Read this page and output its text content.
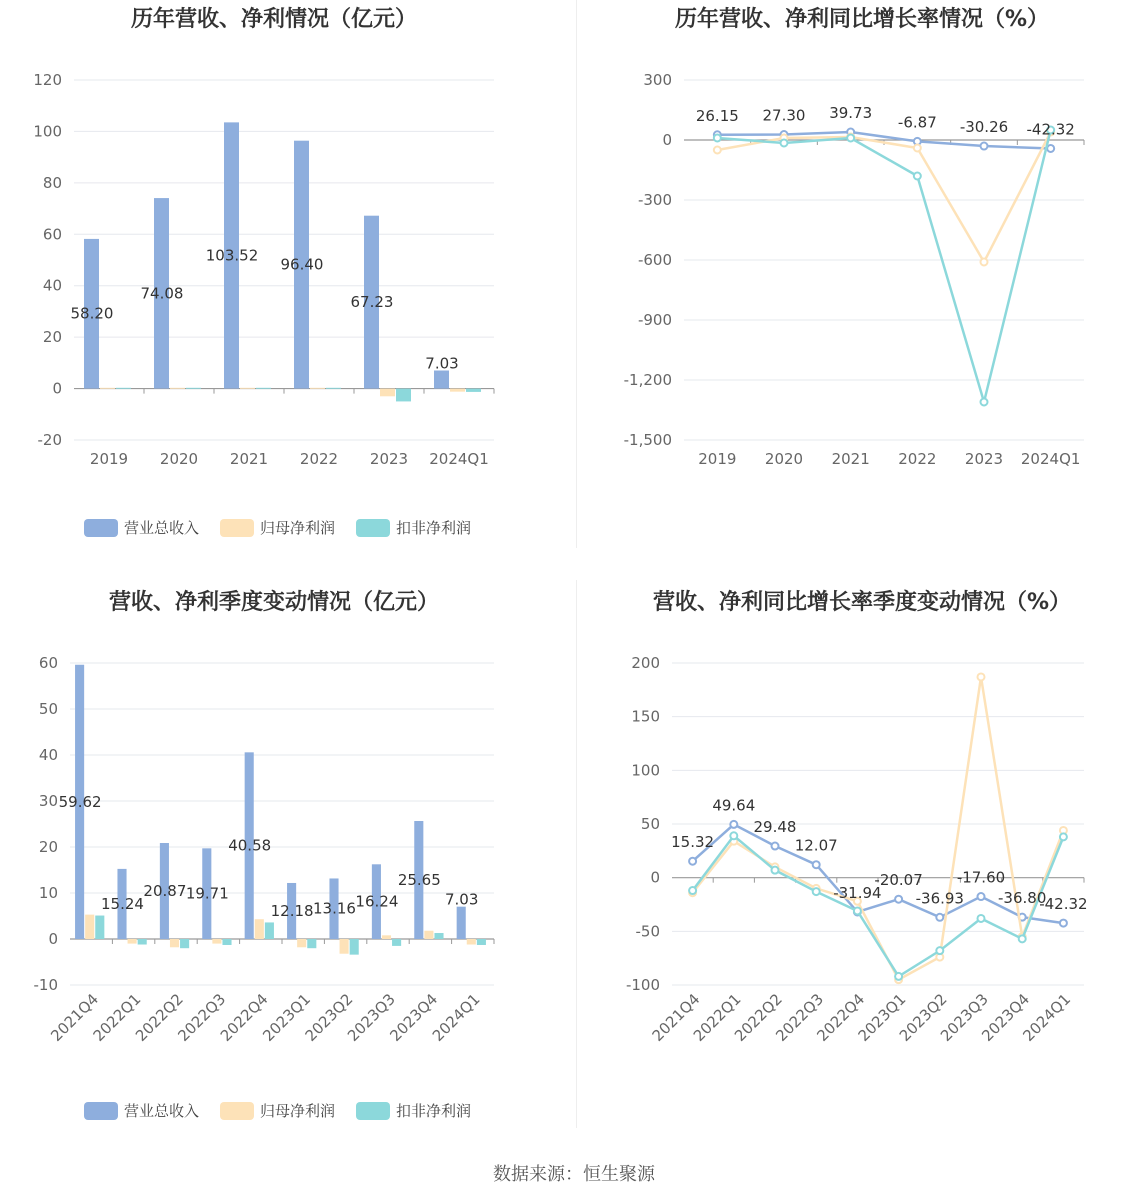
历年营收、净利情况（亿元）
-20
0
20
40
60
80
100
120
2019 2020 2021 2022 2023 2024Q1
58.20
74.08
103.52
96.40
67.23
7.03
营业总收入	归母净利润	扣非净利润
历年营收、净利同比增长率情况（%）
-1,500
-1,200
-900
-600
-300
0
300
2019 2020 2021 2022 2023 2024Q1
26.15 27.30 39.73
-6.87 -30.26 -42.32
营收、净利季度变动情况（亿元）
-10
0
10
20
30
40
50
60
2021Q4
2022Q1
2022Q2
2022Q3
2022Q4
2023Q1
2023Q2
2023Q3
2023Q4
2024Q1
59.62
15.24
20.87 19.71
40.58
12.18 13.16 16.24
25.65
7.03
营业总收入	归母净利润	扣非净利润
营收、净利同比增长率季度变动情况（%）
-100
-50
0
50
100
150
200
2021Q4
2022Q1
2022Q2
2022Q3
2022Q4
2023Q1
2023Q2
2023Q3
2023Q4
2024Q1
15.32
49.64
29.48
12.07
-31.94
-20.07
-36.93
-17.60
-36.80
-42.32
数据来源：恒生聚源
